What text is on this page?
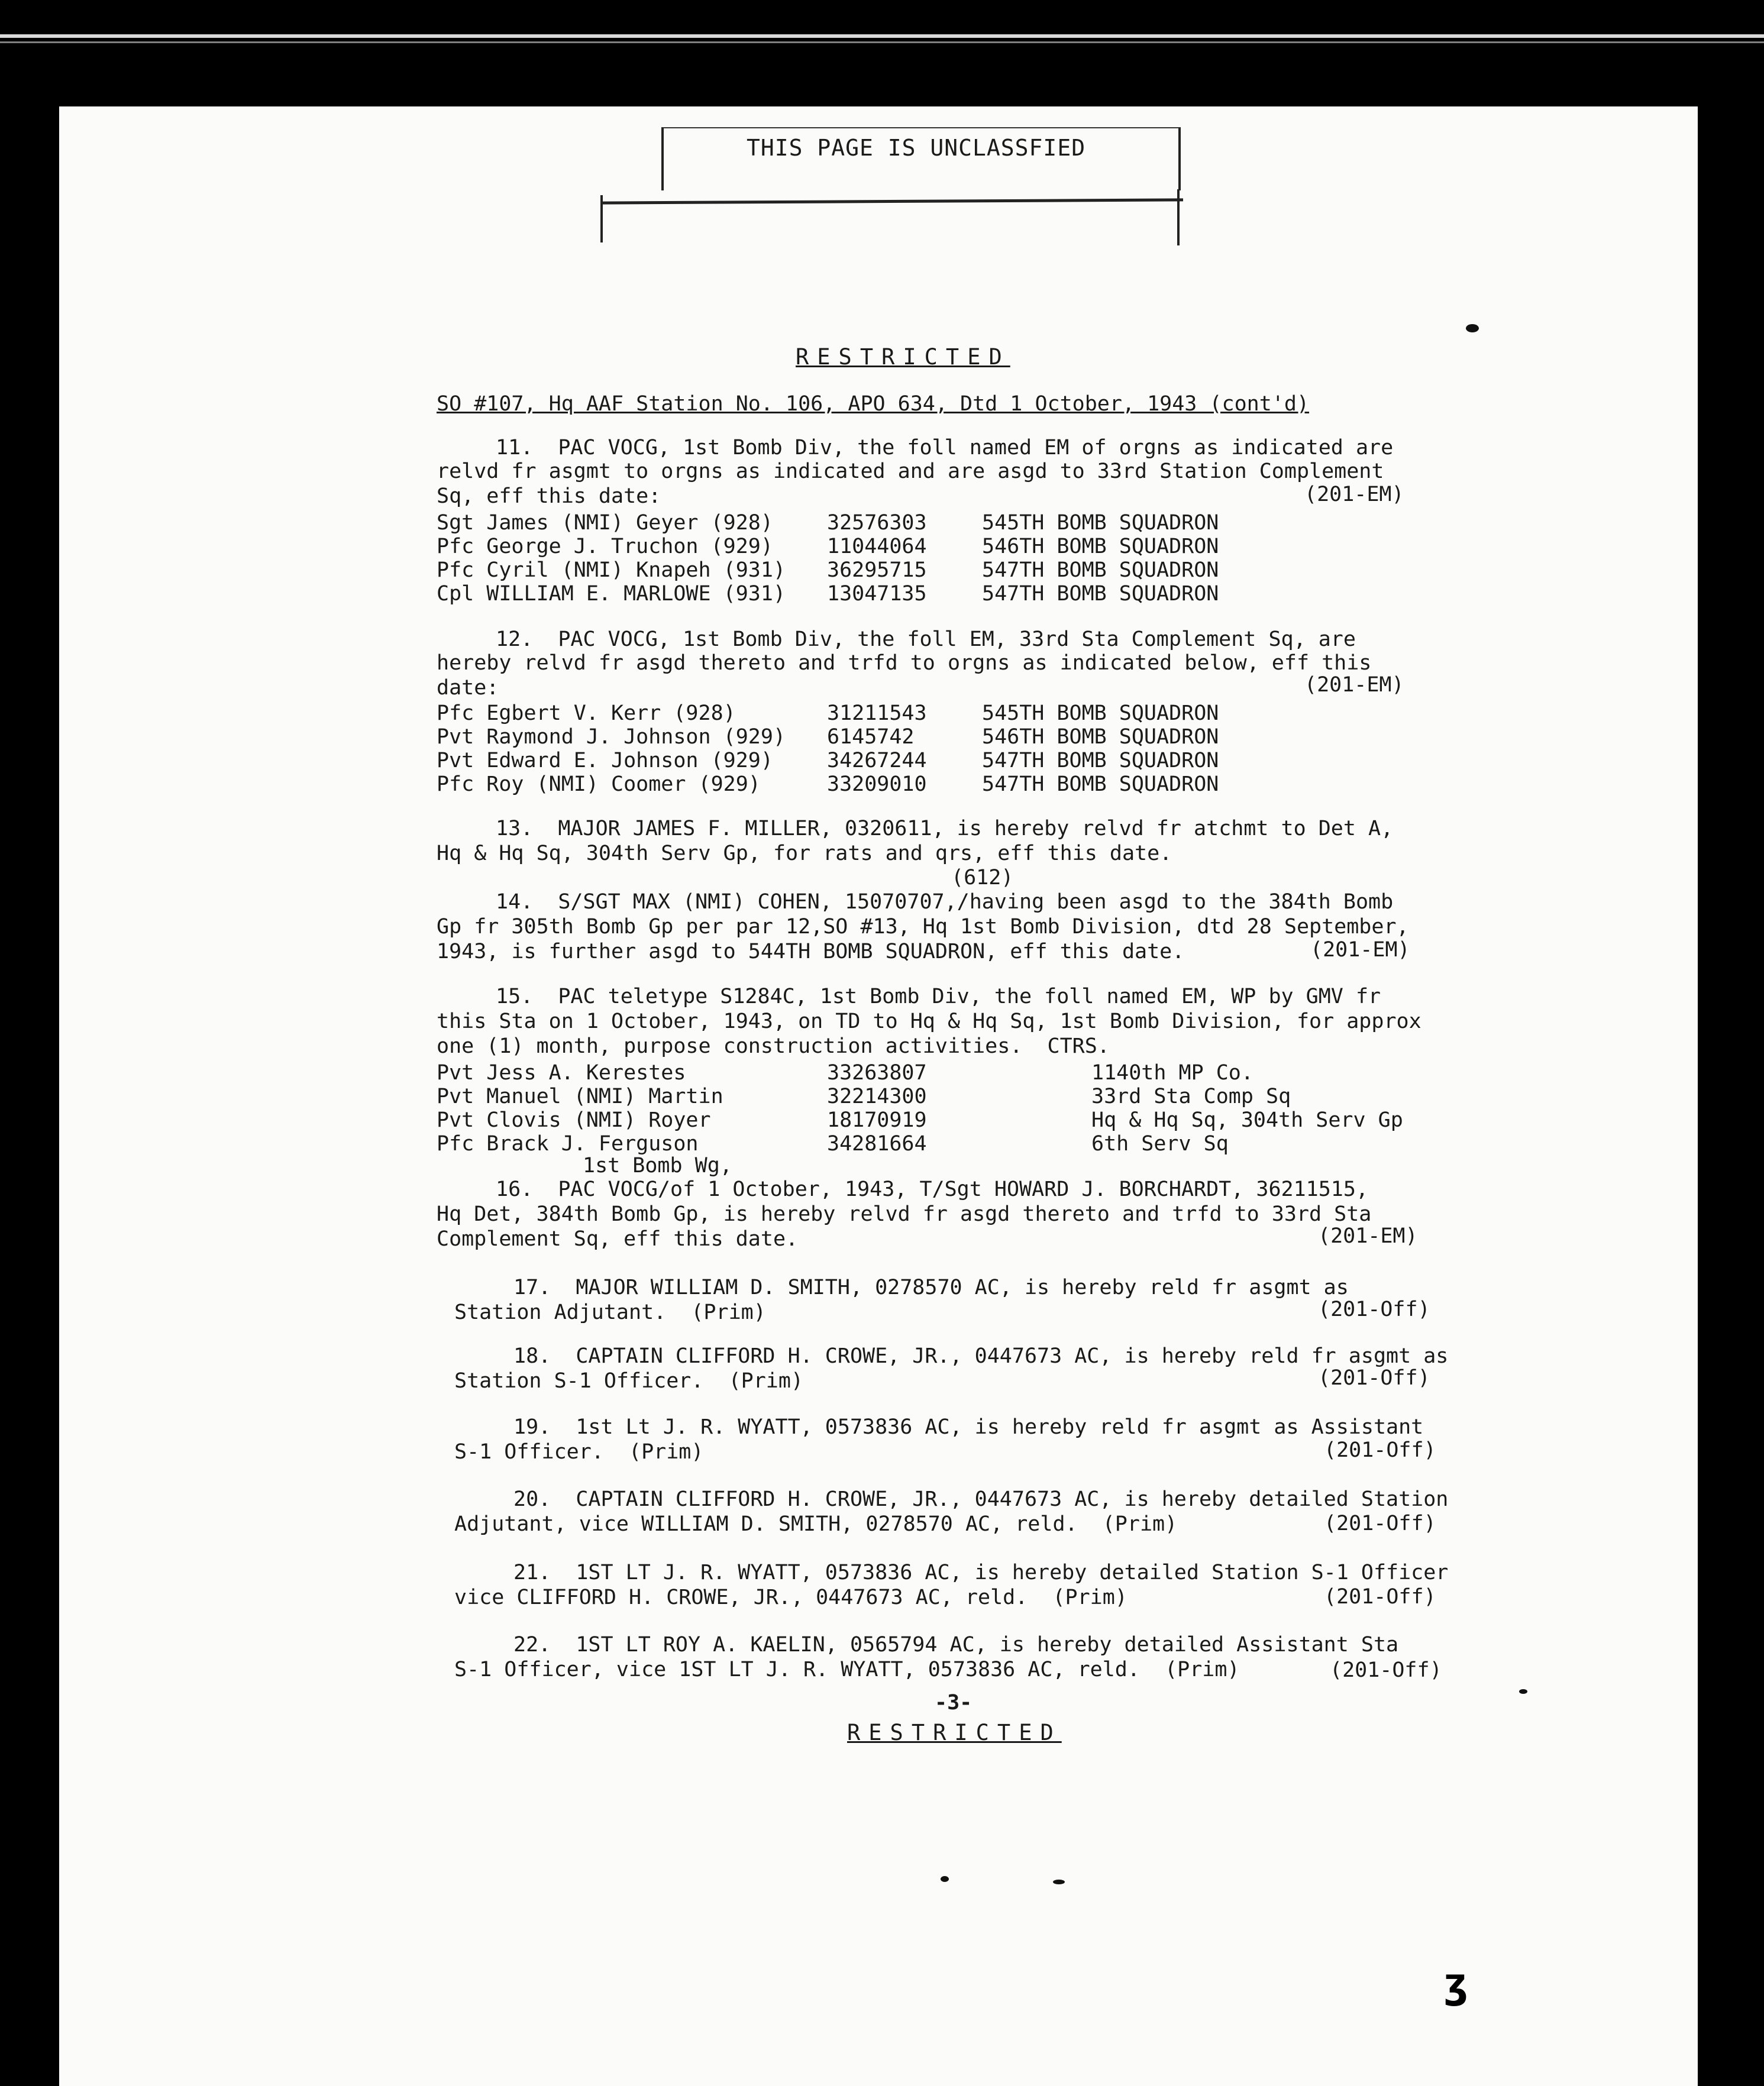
THIS PAGE IS UNCLASSFIED
RESTRICTED
SO #107, Hq AAF Station No. 106, APO 634, Dtd 1 October, 1943 (cont'd)
11.  PAC VOCG, 1st Bomb Div, the foll named EM of orgns as indicated are
relvd fr asgmt to orgns as indicated and are asgd to 33rd Station Complement
Sq, eff this date:	(201-EM)
Sgt James (NMI) Geyer (928)	32576303	545TH BOMB SQUADRON
Pfc George J. Truchon (929)	11044064	546TH BOMB SQUADRON
Pfc Cyril (NMI) Knapeh (931) 36295715	547TH BOMB SQUADRON
Cpl WILLIAM E. MARLOWE (931) 13047135	547TH BOMB SQUADRON
12.  PAC VOCG, 1st Bomb Div, the foll EM, 33rd Sta Complement Sq, are
hereby relvd fr asgd thereto and trfd to orgns as indicated below, eff this
date:	(201-EM)
Pfc Egbert V. Kerr (928)	31211543	545TH BOMB SQUADRON
Pvt Raymond J. Johnson (929) 6145742	546TH BOMB SQUADRON
Pvt Edward E. Johnson (929)	34267244	547TH BOMB SQUADRON
Pfc Roy (NMI) Coomer (929)	33209010	547TH BOMB SQUADRON
13.  MAJOR JAMES F. MILLER, 0320611, is hereby relvd fr atchmt to Det A,
Hq & Hq Sq, 304th Serv Gp, for rats and qrs, eff this date.
(612)
14.  S/SGT MAX (NMI) COHEN, 15070707,/having been asgd to the 384th Bomb
Gp fr 305th Bomb Gp per par 12,SO #13, Hq 1st Bomb Division, dtd 28 September,
1943, is further asgd to 544TH BOMB SQUADRON, eff this date.	(201-EM)
15.  PAC teletype S1284C, 1st Bomb Div, the foll named EM, WP by GMV fr
this Sta on 1 October, 1943, on TD to Hq & Hq Sq, 1st Bomb Division, for approx
one (1) month, purpose construction activities.  CTRS.
Pvt Jess A. Kerestes	33263807	1140th MP Co.
Pvt Manuel (NMI) Martin	32214300	33rd Sta Comp Sq
Pvt Clovis (NMI) Royer	18170919	Hq & Hq Sq, 304th Serv Gp
Pfc Brack J. Ferguson	34281664	6th Serv Sq
1st Bomb Wg,
16.  PAC VOCG/of 1 October, 1943, T/Sgt HOWARD J. BORCHARDT, 36211515,
Hq Det, 384th Bomb Gp, is hereby relvd fr asgd thereto and trfd to 33rd Sta
Complement Sq, eff this date.	(201-EM)
17.  MAJOR WILLIAM D. SMITH, 0278570 AC, is hereby reld fr asgmt as
Station Adjutant.  (Prim)	(201-Off)
18.  CAPTAIN CLIFFORD H. CROWE, JR., 0447673 AC, is hereby reld fr asgmt as
Station S-1 Officer.  (Prim)	(201-Off)
19.  1st Lt J. R. WYATT, 0573836 AC, is hereby reld fr asgmt as Assistant
S-1 Officer.  (Prim)	(201-Off)
20.  CAPTAIN CLIFFORD H. CROWE, JR., 0447673 AC, is hereby detailed Station
Adjutant, vice WILLIAM D. SMITH, 0278570 AC, reld.  (Prim)	(201-Off)
21.  1ST LT J. R. WYATT, 0573836 AC, is hereby detailed Station S-1 Officer
vice CLIFFORD H. CROWE, JR., 0447673 AC, reld.  (Prim)	(201-Off)
22.  1ST LT ROY A. KAELIN, 0565794 AC, is hereby detailed Assistant Sta
S-1 Officer, vice 1ST LT J. R. WYATT, 0573836 AC, reld.  (Prim)	(201-Off)
-3-
RESTRICTED
ʒ
